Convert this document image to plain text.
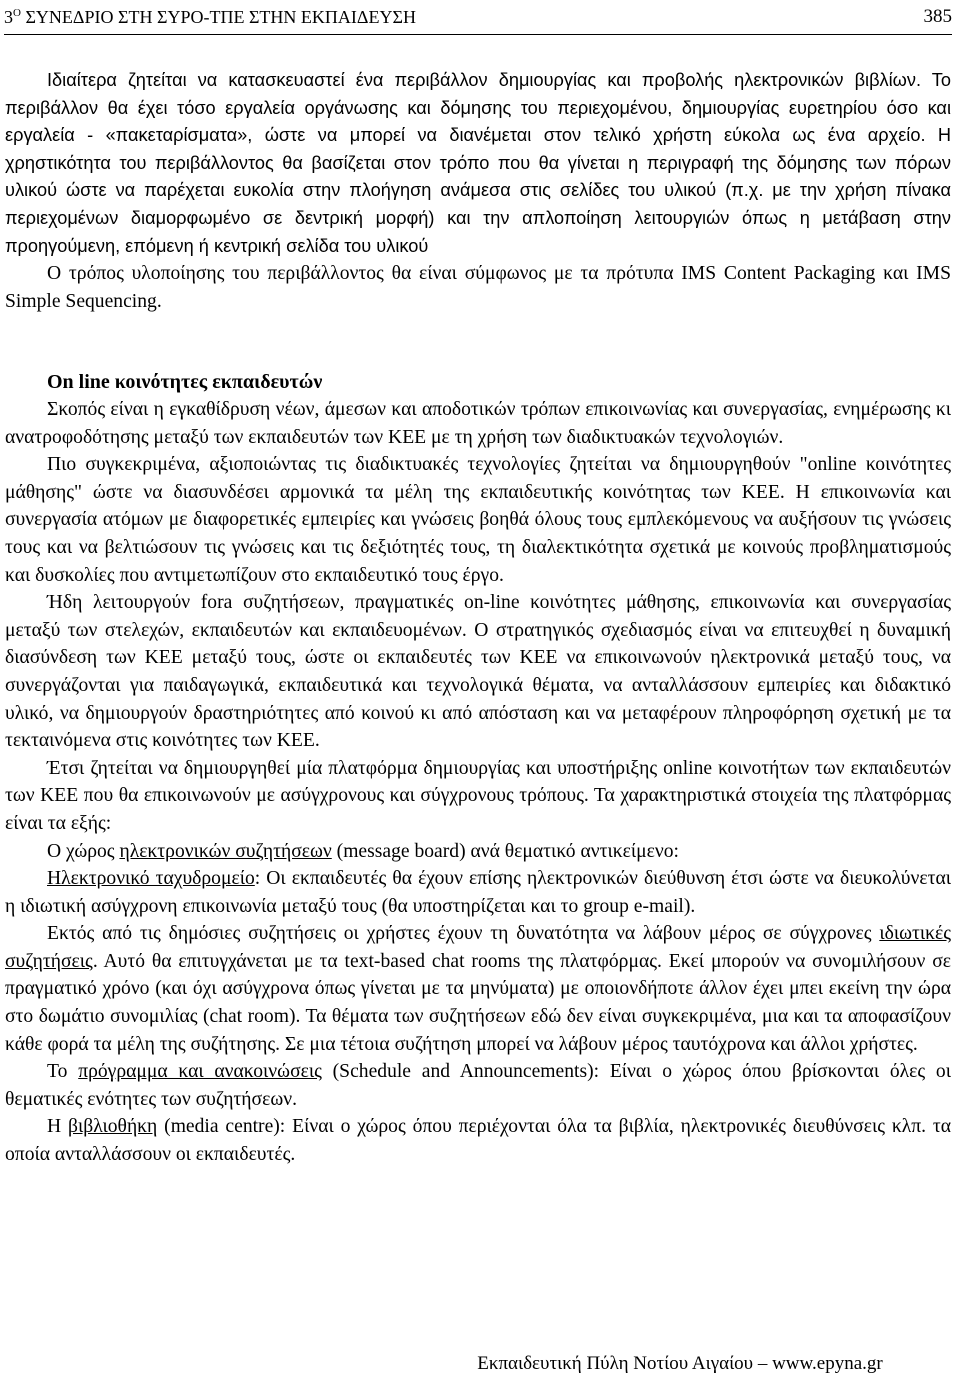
$3^O$ ΣΥΝΕΔΡΙΟ ΣΤΗ ΣΥΡΟ-ΤΠΕ ΣΤΗΝ ΕΚΠΑΙΔΕΥΣΗ	385

Ιδιαίτερα ζητείται να κατασκευαστεί ένα περιβάλλον δημιουργίας και προβολής ηλεκτρονικών βιβλίων. Το περιβάλλον θα έχει τόσο εργαλεία οργάνωσης και δόμησης του περιεχομένου, δημιουργίας ευρετηρίου όσο και εργαλεία - «πακεταρίσματα», ώστε να μπορεί να διανέμεται στον τελικό χρήστη εύκολα ως ένα αρχείο. Η χρηστικότητα του περιβάλλοντος θα βασίζεται στον τρόπο που θα γίνεται η περιγραφή της δόμησης των πόρων υλικού ώστε να παρέχεται ευκολία στην πλοήγηση ανάμεσα στις σελίδες του υλικού (π.χ. με την χρήση πίνακα περιεχομένων διαμορφωμένο σε δεντρική μορφή) και την απλοποίηση λειτουργιών όπως η μετάβαση στην προηγούμενη, επόμενη ή κεντρική σελίδα του υλικού

Ο τρόπος υλοποίησης του περιβάλλοντος θα είναι σύμφωνος με τα πρότυπα IMS Content Packaging και IMS Simple Sequencing.

On line κοινότητες εκπαιδευτών

Σκοπός είναι η εγκαθίδρυση νέων, άμεσων και αποδοτικών τρόπων επικοινωνίας και συνεργασίας, ενημέρωσης κι ανατροφοδότησης μεταξύ των εκπαιδευτών των ΚΕΕ με τη χρήση των διαδικτυακών τεχνολογιών.

Πιο συγκεκριμένα, αξιοποιώντας τις διαδικτυακές τεχνολογίες ζητείται να δημιουργηθούν "online κοινότητες μάθησης" ώστε να διασυνδέσει αρμονικά τα μέλη της εκπαιδευτικής κοινότητας των ΚΕΕ. Η επικοινωνία και συνεργασία ατόμων με διαφορετικές εμπειρίες και γνώσεις βοηθά όλους τους εμπλεκόμενους να αυξήσουν τις γνώσεις τους και να βελτιώσουν τις γνώσεις και τις δεξιότητές τους, τη διαλεκτικότητα σχετικά με κοινούς προβληματισμούς και δυσκολίες που αντιμετωπίζουν στο εκπαιδευτικό τους έργο.

Ήδη λειτουργούν fora συζητήσεων, πραγματικές on-line κοινότητες μάθησης, επικοινωνία και συνεργασίας μεταξύ των στελεχών, εκπαιδευτών και εκπαιδευομένων. Ο στρατηγικός σχεδιασμός είναι να επιτευχθεί η δυναμική διασύνδεση των ΚΕΕ μεταξύ τους, ώστε οι εκπαιδευτές των ΚΕΕ να επικοινωνούν ηλεκτρονικά μεταξύ τους, να συνεργάζονται για παιδαγωγικά, εκπαιδευτικά και τεχνολογικά θέματα, να ανταλλάσσουν εμπειρίες και διδακτικό υλικό, να δημιουργούν δραστηριότητες από κοινού κι από απόσταση και να μεταφέρουν πληροφόρηση σχετική με τα τεκταινόμενα στις κοινότητες των ΚΕΕ.

Έτσι ζητείται να δημιουργηθεί μία πλατφόρμα δημιουργίας και υποστήριξης online κοινοτήτων των εκπαιδευτών των ΚΕΕ που θα επικοινωνούν με ασύγχρονους και σύγχρονους τρόπους. Τα χαρακτηριστικά στοιχεία της πλατφόρμας είναι τα εξής:

Ο χώρος ηλεκτρονικών συζητήσεων (message board) ανά θεματικό αντικείμενο:

Ηλεκτρονικό ταχυδρομείο: Οι εκπαιδευτές θα έχουν επίσης ηλεκτρονικών διεύθυνση έτσι ώστε να διευκολύνεται η ιδιωτική ασύγχρονη επικοινωνία μεταξύ τους (θα υποστηρίζεται και το group e-mail).

Εκτός από τις δημόσιες συζητήσεις οι χρήστες έχουν τη δυνατότητα να λάβουν μέρος σε σύγχρονες ιδιωτικές συζητήσεις. Αυτό θα επιτυγχάνεται με τα text-based chat rooms της πλατφόρμας. Εκεί μπορούν να συνομιλήσουν σε πραγματικό χρόνο (και όχι ασύγχρονα όπως γίνεται με τα μηνύματα) με οποιονδήποτε άλλον έχει μπει εκείνη την ώρα στο δωμάτιο συνομιλίας (chat room). Τα θέματα των συζητήσεων εδώ δεν είναι συγκεκριμένα, μια και τα αποφασίζουν κάθε φορά τα μέλη της συζήτησης. Σε μια τέτοια συζήτηση μπορεί να λάβουν μέρος ταυτόχρονα και άλλοι χρήστες.

Το πρόγραμμα και ανακοινώσεις (Schedule and Announcements): Είναι ο χώρος όπου βρίσκονται όλες οι θεματικές ενότητες των συζητήσεων.

Η βιβλιοθήκη (media centre): Είναι ο χώρος όπου περιέχονται όλα τα βιβλία, ηλεκτρονικές διευθύνσεις κλπ. τα οποία ανταλλάσσουν οι εκπαιδευτές.

Εκπαιδευτική Πύλη Νοτίου Αιγαίου – www.epyna.gr
